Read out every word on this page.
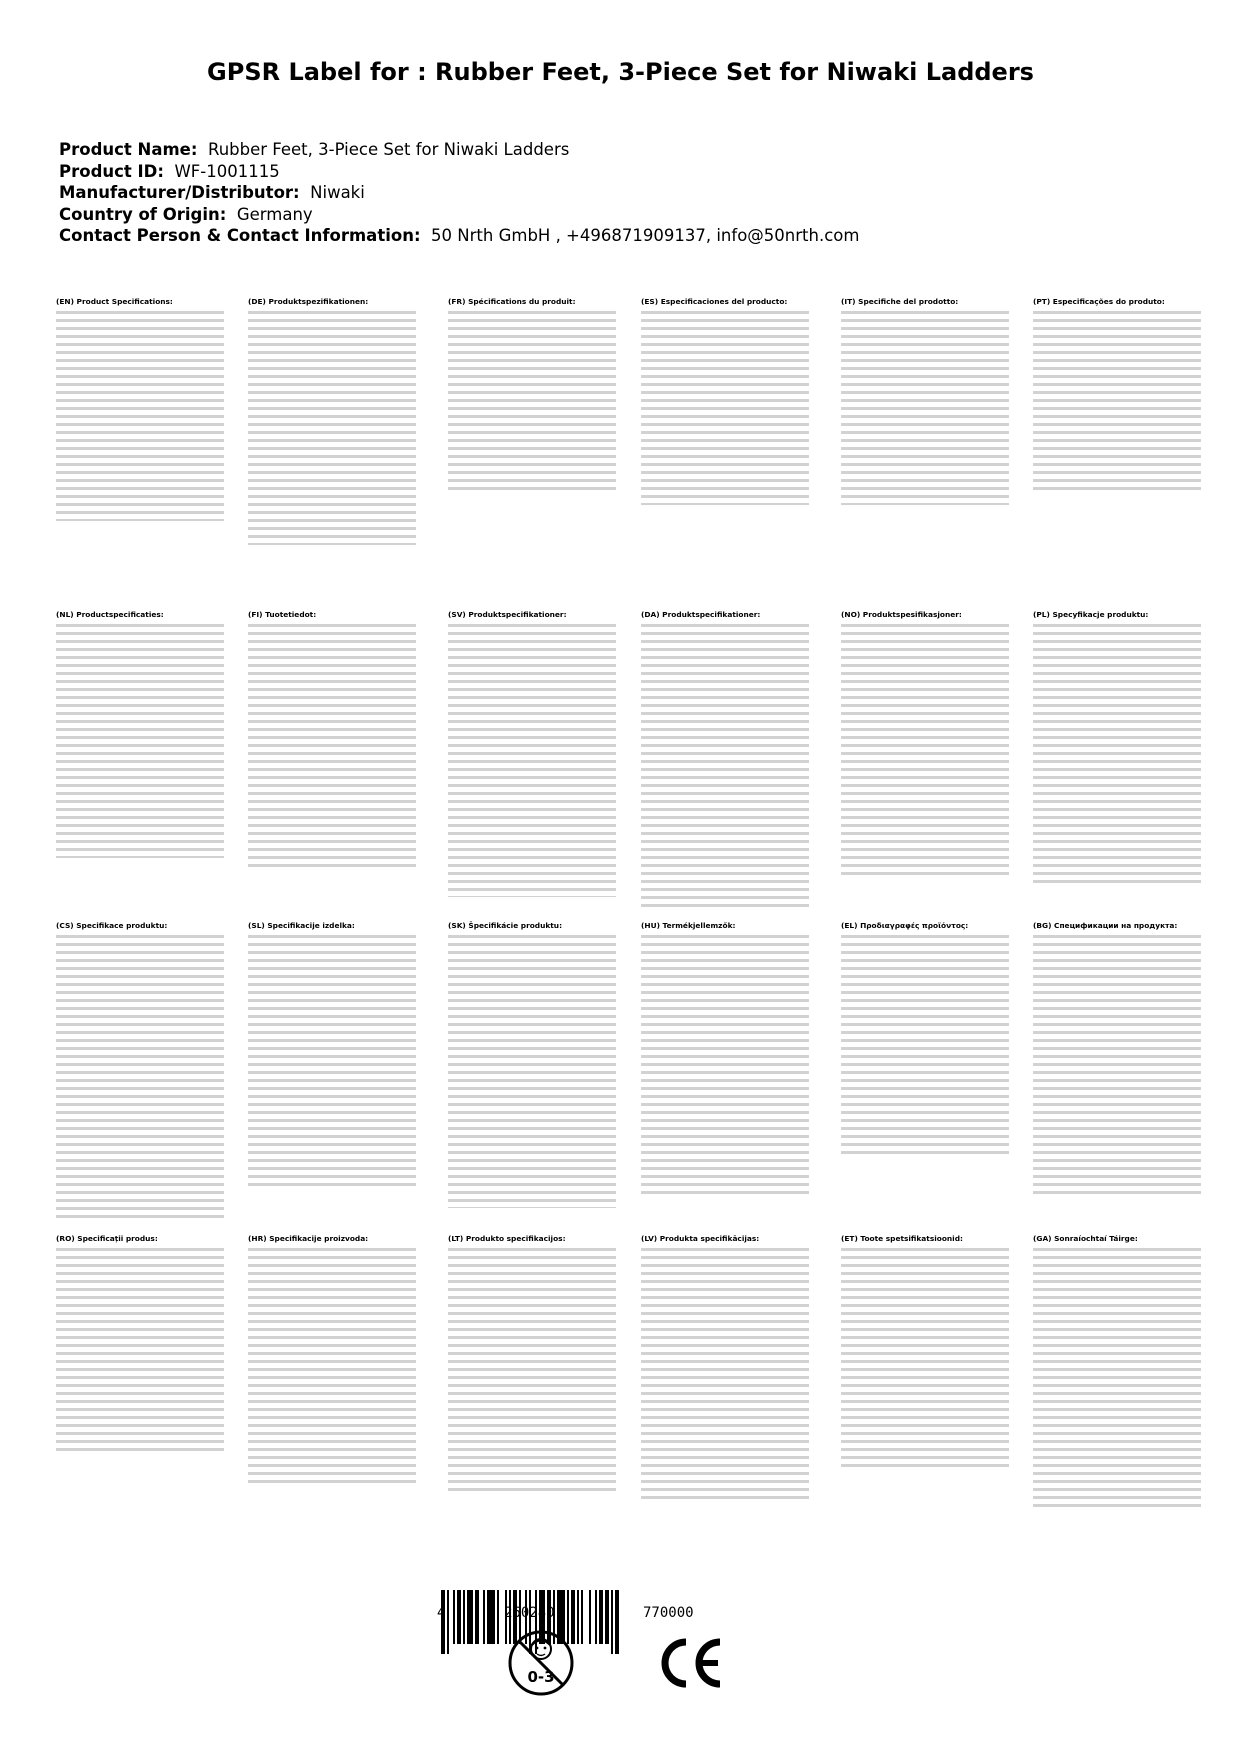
GPSR Label for : Rubber Feet, 3-Piece Set for Niwaki Ladders
Product Name: Rubber Feet, 3-Piece Set for Niwaki Ladders
Product ID: WF-1001115
Manufacturer/Distributor: Niwaki
Country of Origin: Germany
Contact Person & Contact Information: 50 Nrth GmbH , +496871909137, info@50nrth.com
(EN) Product Specifications:	(DE) Produktspezifikationen:	(FR) Spécifications du produit:	(ES) Especificaciones del producto:	(IT) Specifiche del prodotto:	(PT) Especificações do produto:
(NL) Productspecificaties:	(FI) Tuotetiedot:	(SV) Produktspecifikationer:	(DA) Produktspecifikationer:	(NO) Produktspesifikasjoner:	(PL) Specyfikacje produktu:
(CS) Specifikace produktu:	(SL) Specifikacije izdelka:	(SK) Špecifikácie produktu:	(HU) Termékjellemzők:	(EL) Προδιαγραφές προϊόντος:	(BG) Спецификации на продукта:
(RO) Specificații produs:	(HR) Specifikacije proizvoda:	(LT) Produkto specifikacijos:	(LV) Produkta specifikācijas:	(ET) Toote spetsifikatsioonid:	(GA) Sonraíochtaí Táirge:
4	260280	770000
0-3
